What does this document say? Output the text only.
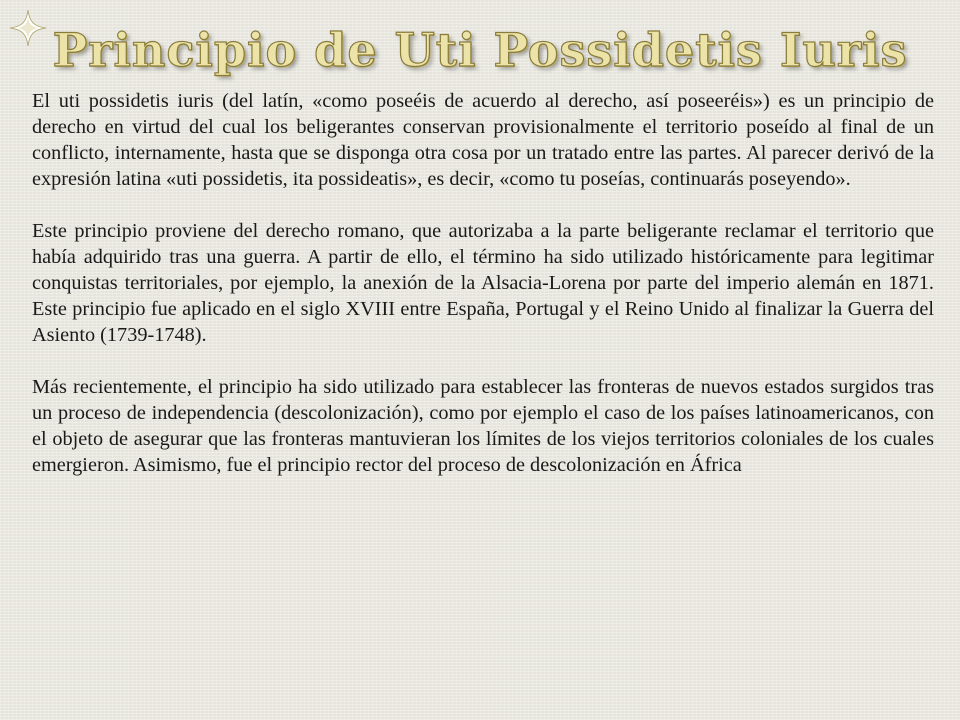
Principio de Uti Possidetis Iuris

El uti possidetis iuris (del latín, «como poseéis de acuerdo al derecho, así poseeréis») es un principio de derecho en virtud del cual los beligerantes conservan provisionalmente el territorio poseído al final de un conflicto, internamente, hasta que se disponga otra cosa por un tratado entre las partes. Al parecer derivó de la expresión latina «uti possidetis, ita possideatis», es decir, «como tu poseías, continuarás poseyendo».

Este principio proviene del derecho romano, que autorizaba a la parte beligerante reclamar el territorio que había adquirido tras una guerra. A partir de ello, el término ha sido utilizado históricamente para legitimar conquistas territoriales, por ejemplo, la anexión de la Alsacia-Lorena por parte del imperio alemán en 1871. Este principio fue aplicado en el siglo XVIII entre España, Portugal y el Reino Unido al finalizar la Guerra del Asiento (1739-1748).

Más recientemente, el principio ha sido utilizado para establecer las fronteras de nuevos estados surgidos tras un proceso de independencia (descolonización), como por ejemplo el caso de los países latinoamericanos, con el objeto de asegurar que las fronteras mantuvieran los límites de los viejos territorios coloniales de los cuales emergieron. Asimismo, fue el principio rector del proceso de descolonización en África
